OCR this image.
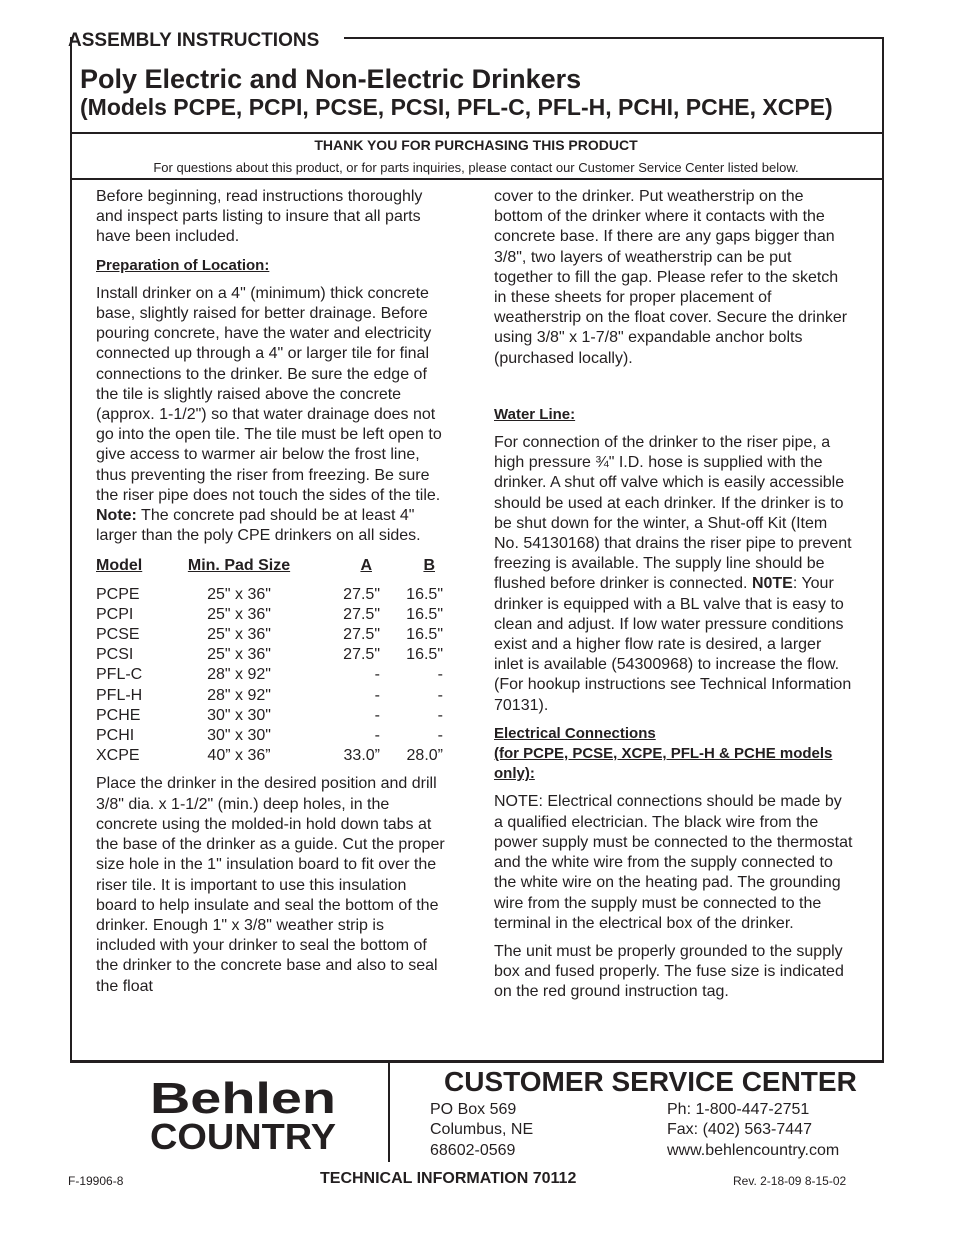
ASSEMBLY INSTRUCTIONS
Poly Electric and Non-Electric Drinkers
(Models PCPE, PCPI, PCSE, PCSI, PFL-C, PFL-H, PCHI, PCHE, XCPE)
THANK YOU FOR PURCHASING THIS PRODUCT
For questions about this product, or for parts inquiries, please contact our Customer Service Center listed below.

Before beginning, read instructions thoroughly and inspect parts listing to insure that all parts have been included.

Preparation of Location:

Install drinker on a 4" (minimum) thick concrete base, slightly raised for better drainage. Before pouring concrete, have the water and electricity connected up through a 4" or larger tile for final connections to the drinker. Be sure the edge of the tile is slightly raised above the concrete (approx. 1-1/2") so that water drainage does not go into the open tile. The tile must be left open to give access to warmer air below the frost line, thus preventing the riser from freezing. Be sure the riser pipe does not touch the sides of the tile. Note: The concrete pad should be at least 4" larger than the poly CPE drinkers on all sides.

Model	Min. Pad Size	A	B
PCPE	25" x 36"	27.5"	16.5"
PCPI	25" x 36"	27.5"	16.5"
PCSE	25" x 36"	27.5"	16.5"
PCSI	25" x 36"	27.5"	16.5"
PFL-C	28" x 92"	-	-
PFL-H	28" x 92"	-	-
PCHE	30" x 30"	-	-
PCHI	30" x 30"	-	-
XCPE	40” x 36”	33.0”	28.0”

Place the drinker in the desired position and drill 3/8" dia. x 1-1/2" (min.) deep holes, in the concrete using the molded-in hold down tabs at the base of the drinker as a guide. Cut the proper size hole in the 1" insulation board to fit over the riser tile. It is important to use this insulation board to help insulate and seal the bottom of the drinker. Enough 1" x 3/8" weather strip is included with your drinker to seal the bottom of the drinker to the concrete base and also to seal the float

cover to the drinker. Put weatherstrip on the bottom of the drinker where it contacts with the concrete base. If there are any gaps bigger than 3/8", two layers of weatherstrip can be put together to fill the gap. Please refer to the sketch in these sheets for proper placement of weatherstrip on the float cover. Secure the drinker using 3/8" x 1-7/8" expandable anchor bolts (purchased locally).

Water Line:

For connection of the drinker to the riser pipe, a high pressure ¾" I.D. hose is supplied with the drinker. A shut off valve which is easily accessible should be used at each drinker. If the drinker is to be shut down for the winter, a Shut-off Kit (Item No. 54130168) that drains the riser pipe to prevent freezing is available. The supply line should be flushed before drinker is connected. N0TE: Your drinker is equipped with a BL valve that is easy to clean and adjust. If low water pressure conditions exist and a higher flow rate is desired, a larger inlet is available (54300968) to increase the flow. (For hookup instructions see Technical Information 70131).

Electrical Connections
(for PCPE, PCSE, XCPE, PFL-H & PCHE models only):

NOTE: Electrical connections should be made by a qualified electrician. The black wire from the power supply must be connected to the thermostat and the white wire from the supply connected to the white wire on the heating pad. The grounding wire from the supply must be connected to the terminal in the electrical box of the drinker.

The unit must be properly grounded to the supply box and fused properly. The fuse size is indicated on the red ground instruction tag.

Behlen
COUNTRY
CUSTOMER SERVICE CENTER
PO Box 569
Columbus, NE
68602-0569
Ph: 1-800-447-2751
Fax: (402) 563-7447
www.behlencountry.com
F-19906-8	TECHNICAL INFORMATION 70112	Rev. 2-18-09 8-15-02
